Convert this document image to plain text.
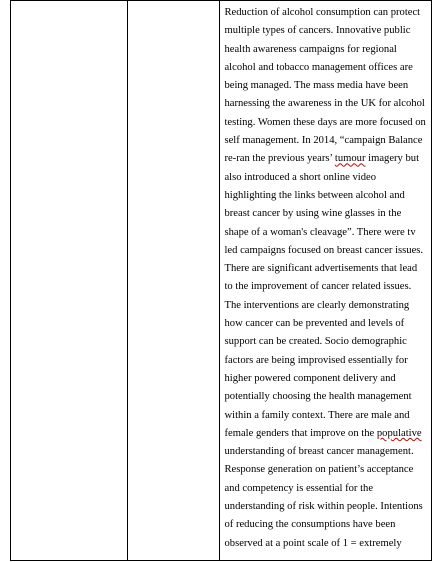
Reduction of alcohol consumption can protect
multiple types of cancers. Innovative public
health awareness campaigns for regional
alcohol and tobacco management offices are
being managed. The mass media have been
harnessing the awareness in the UK for alcohol
testing. Women these days are more focused on
self management. In 2014, “campaign Balance
re-ran the previous years’ tumour imagery but
also introduced a short online video
highlighting the links between alcohol and
breast cancer by using wine glasses in the
shape of a woman's cleavage”. There were tv
led campaigns focused on breast cancer issues.
There are significant advertisements that lead
to the improvement of cancer related issues.
The interventions are clearly demonstrating
how cancer can be prevented and levels of
support can be created. Socio demographic
factors are being improvised essentially for
higher powered component delivery and
potentially choosing the health management
within a family context. There are male and
female genders that improve on the populative
understanding of breast cancer management.
Response generation on patient’s acceptance
and competency is essential for the
understanding of risk within people. Intentions
of reducing the consumptions have been
observed at a point scale of 1 = extremely
